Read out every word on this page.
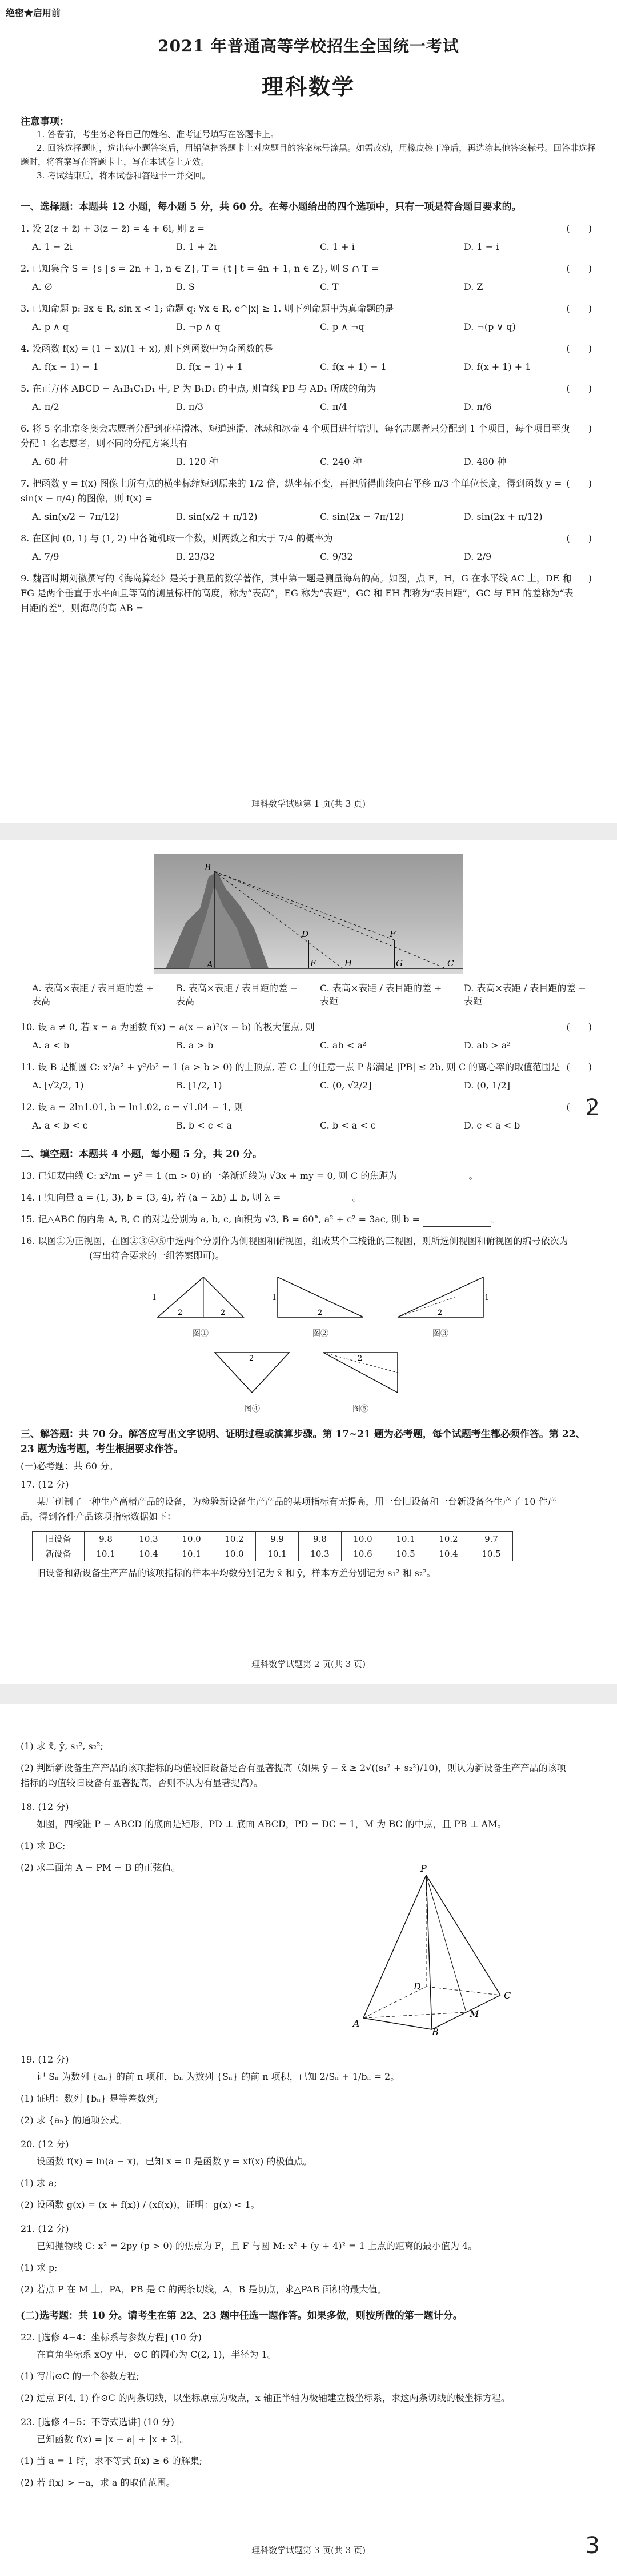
绝密★启用前
2021 年普通高等学校招生全国统一考试
理科数学
注意事项：

1. 答卷前，考生务必将自己的姓名、准考证号填写在答题卡上。

2. 回答选择题时，选出每小题答案后，用铅笔把答题卡上对应题目的答案标号涂黑。如需改动，用橡皮擦干净后，再选涂其他答案标号。回答非选择题时，将答案写在答题卡上，写在本试卷上无效。

3. 考试结束后，将本试卷和答题卡一并交回。

一、选择题：本题共 12 小题，每小题 5 分，共 60 分。在每小题给出的四个选项中，只有一项是符合题目要求的。
1. 设 2(z + z̄) + 3(z − z̄) = 4 + 6i, 则 z =	(　　)
A. 1 − 2i	B. 1 + 2i	C. 1 + i	D. 1 − i
2. 已知集合 S = {s | s = 2n + 1, n ∈ Z}, T = {t | t = 4n + 1, n ∈ Z}, 则 S ∩ T =	(　　)
A. ∅	B. S	C. T	D. Z
3. 已知命题 p: ∃x ∈ R, sin x < 1; 命题 q: ∀x ∈ R, e^|x| ≥ 1. 则下列命题中为真命题的是	(　　)
A. p ∧ q	B. ¬p ∧ q	C. p ∧ ¬q	D. ¬(p ∨ q)
4. 设函数 f(x) = (1 − x)/(1 + x), 则下列函数中为奇函数的是	(　　)
A. f(x − 1) − 1	B. f(x − 1) + 1	C. f(x + 1) − 1	D. f(x + 1) + 1
5. 在正方体 ABCD − A₁B₁C₁D₁ 中, P 为 B₁D₁ 的中点, 则直线 PB 与 AD₁ 所成的角为	(　　)
A. π/2	B. π/3	C. π/4	D. π/6
6. 将 5 名北京冬奥会志愿者分配到花样滑冰、短道速滑、冰球和冰壶 4 个项目进行培训，每名志愿者只分配到 1 个项目，每个项目至少分配 1 名志愿者，则不同的分配方案共有
(　　)
A. 60 种	B. 120 种	C. 240 种	D. 480 种
7. 把函数 y = f(x) 图像上所有点的横坐标缩短到原来的 1/2 倍，纵坐标不变，再把所得曲线向右平移 π/3 个单位长度，得到函数 y = sin(x − π/4) 的图像，则 f(x) =
(　　)
A. sin(x/2 − 7π/12)	B. sin(x/2 + π/12)	C. sin(2x − 7π/12)	D. sin(2x + π/12)
8. 在区间 (0, 1) 与 (1, 2) 中各随机取一个数，则两数之和大于 7/4 的概率为	(　　)
A. 7/9	B. 23/32	C. 9/32	D. 2/9
9. 魏晋时期刘徽撰写的《海岛算经》是关于测量的数学著作，其中第一题是测量海岛的高。如图，点 E，H，G 在水平线 AC 上，DE 和 FG 是两个垂直于水平面且等高的测量标杆的高度，称为“表高”，EG 称为“表距”，GC 和 EH 都称为“表目距”，GC 与 EH 的差称为“表目距的差”，则海岛的高 AB =
(　　)
理科数学试题第 1 页(共 3 页)
B
D	F
A	E	H	G	C
A. 表高×表距 / 表目距的差 + 表高
B. 表高×表距 / 表目距的差 − 表高
C. 表高×表距 / 表目距的差 + 表距
D. 表高×表距 / 表目距的差 − 表距
10. 设 a ≠ 0, 若 x = a 为函数 f(x) = a(x − a)²(x − b) 的极大值点, 则	(　　)
A. a < b	B. a > b	C. ab < a²	D. ab > a²
11. 设 B 是椭圆 C: x²/a² + y²/b² = 1 (a > b > 0) 的上顶点, 若 C 上的任意一点 P 都满足 |PB| ≤ 2b, 则 C 的离心率的取值范围是 (　　)
A. [√2/2, 1)	B. [1/2, 1)	C. (0, √2/2]	D. (0, 1/2]
12. 设 a = 2ln1.01, b = ln1.02, c = √1.04 − 1, 则	(　　)
A. a < b < c	B. b < c < a	C. b < a < c	D. c < a < b
二、填空题：本题共 4 小题，每小题 5 分，共 20 分。
13. 已知双曲线 C: x²/m − y² = 1 (m > 0) 的一条渐近线为 √3x + my = 0, 则 C 的焦距为	。
14. 已知向量 a = (1, 3), b = (3, 4), 若 (a − λb) ⊥ b, 则 λ =	。
15. 记△ABC 的内角 A, B, C 的对边分别为 a, b, c, 面积为 √3, B = 60°, a² + c² = 3ac, 则 b =	。
16. 以图①为正视图，在图②③④⑤中选两个分别作为侧视图和俯视图，组成某个三棱锥的三视图，则所选侧视图和俯视图的编号依次为 (写出符合要求的一组答案即可)。
2	2
1
图①
2
1
图②
2
1
图③
2
图④
2
图⑤
三、解答题：共 70 分。解答应写出文字说明、证明过程或演算步骤。第 17~21 题为必考题，每个试题考生都必须作答。第 22、23 题为选考题，考生根据要求作答。
(一)必考题：共 60 分。
17. (12 分)
某厂研制了一种生产高精产品的设备，为检验新设备生产产品的某项指标有无提高，用一台旧设备和一台新设备各生产了 10 件产品，得到各件产品该项指标数据如下：
旧设备	9.8	10.3	10.0	10.2	9.9	9.8	10.0	10.1	10.2	9.7
新设备	10.1	10.4	10.1	10.0	10.1	10.3	10.6	10.5	10.4	10.5
旧设备和新设备生产产品的该项指标的样本平均数分别记为 x̄ 和 ȳ，样本方差分别记为 s₁² 和 s₂²。
2
理科数学试题第 2 页(共 3 页)
(1) 求 x̄, ȳ, s₁², s₂²;
(2) 判断新设备生产产品的该项指标的均值较旧设备是否有显著提高（如果 ȳ − x̄ ≥ 2√((s₁² + s₂²)/10)，则认为新设备生产产品的该项指标的均值较旧设备有显著提高，否则不认为有显著提高）。
18. (12 分)
如图，四棱锥 P − ABCD 的底面是矩形，PD ⊥ 底面 ABCD，PD = DC = 1，M 为 BC 的中点，且 PB ⊥ AM。
(1) 求 BC;
(2) 求二面角 A − PM − B 的正弦值。	P
A
B
C
D
M
19. (12 分)
记 Sₙ 为数列 {aₙ} 的前 n 项和，bₙ 为数列 {Sₙ} 的前 n 项积，已知 2/Sₙ + 1/bₙ = 2。
(1) 证明：数列 {bₙ} 是等差数列;
(2) 求 {aₙ} 的通项公式。
20. (12 分)
设函数 f(x) = ln(a − x)，已知 x = 0 是函数 y = xf(x) 的极值点。
(1) 求 a;
(2) 设函数 g(x) = (x + f(x)) / (xf(x))，证明：g(x) < 1。
21. (12 分)
已知抛物线 C: x² = 2py (p > 0) 的焦点为 F，且 F 与圆 M: x² + (y + 4)² = 1 上点的距离的最小值为 4。
(1) 求 p;
(2) 若点 P 在 M 上，PA，PB 是 C 的两条切线，A，B 是切点，求△PAB 面积的最大值。
(二)选考题：共 10 分。请考生在第 22、23 题中任选一题作答。如果多做，则按所做的第一题计分。
22. [选修 4−4：坐标系与参数方程] (10 分)
在直角坐标系 xOy 中，⊙C 的圆心为 C(2, 1)，半径为 1。
(1) 写出⊙C 的一个参数方程;
(2) 过点 F(4, 1) 作⊙C 的两条切线，以坐标原点为极点，x 轴正半轴为极轴建立极坐标系，求这两条切线的极坐标方程。
23. [选修 4−5：不等式选讲] (10 分)
已知函数 f(x) = |x − a| + |x + 3|。
(1) 当 a = 1 时，求不等式 f(x) ≥ 6 的解集;
(2) 若 f(x) > −a，求 a 的取值范围。
理科数学试题第 3 页(共 3 页)	3
